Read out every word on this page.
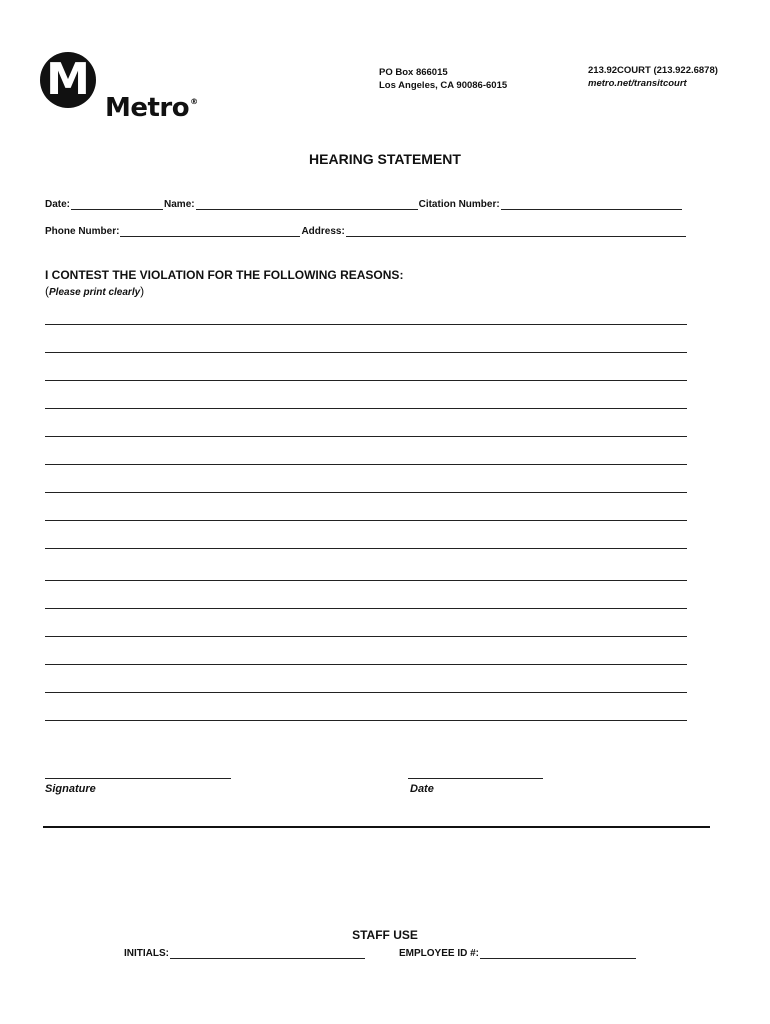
M
Metro®
PO Box 866015
Los Angeles, CA 90086-6015
213.92COURT (213.922.6878)
metro.net/transitcourt
HEARING STATEMENT
Date:	Name:	Citation Number:
Phone Number:	Address:
I CONTEST THE VIOLATION FOR THE FOLLOWING REASONS:
(Please print clearly)
Signature	Date
STAFF USE
INITIALS:	EMPLOYEE ID #:
